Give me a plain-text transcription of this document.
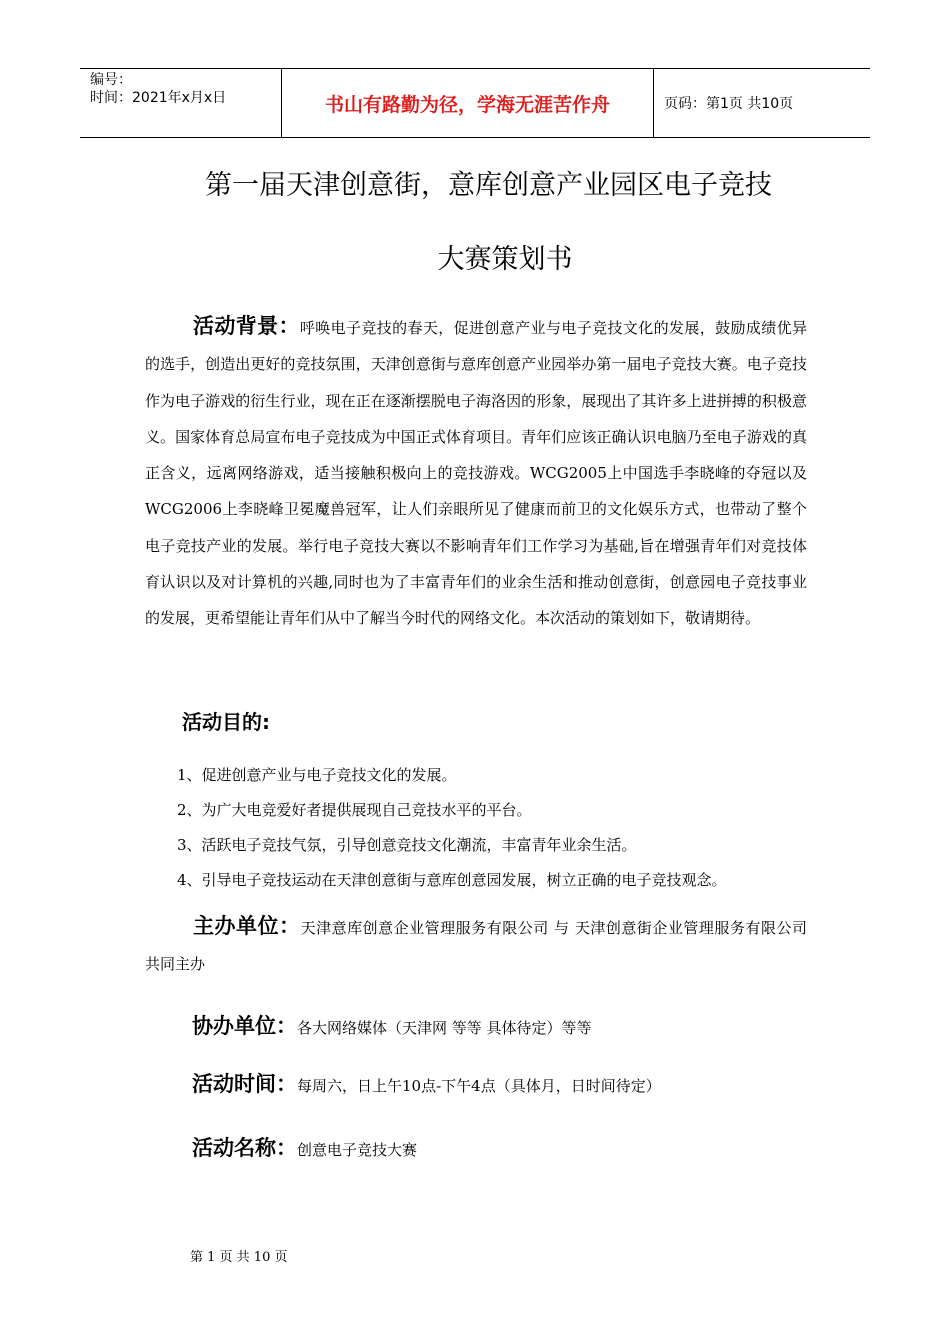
编号：
时间：2021年x月x日	书山有路勤为径，学海无涯苦作舟	页码：第1页 共10页
第一届天津创意街，意库创意产业园区电子竞技
大赛策划书

活动背景：呼唤电子竞技的春天，促进创意产业与电子竞技文化的发展，鼓励成绩优异的选手，创造出更好的竞技氛围，天津创意街与意库创意产业园举办第一届电子竞技大赛。电子竞技作为电子游戏的衍生行业，现在正在逐渐摆脱电子海洛因的形象，展现出了其许多上进拼搏的积极意义。国家体育总局宣布电子竞技成为中国正式体育项目。青年们应该正确认识电脑乃至电子游戏的真正含义，远离网络游戏，适当接触积极向上的竞技游戏。WCG2005上中国选手李晓峰的夺冠以及WCG2006上李晓峰卫冕魔兽冠军，让人们亲眼所见了健康而前卫的文化娱乐方式，也带动了整个电子竞技产业的发展。举行电子竞技大赛以不影响青年们工作学习为基础,旨在增强青年们对竞技体育认识以及对计算机的兴趣,同时也为了丰富青年们的业余生活和推动创意街，创意园电子竞技事业的发展，更希望能让青年们从中了解当今时代的网络文化。本次活动的策划如下，敬请期待。

活动目的:
1、促进创意产业与电子竞技文化的发展。
2、为广大电竞爱好者提供展现自己竞技水平的平台。
3、活跃电子竞技气氛，引导创意竞技文化潮流，丰富青年业余生活。
4、引导电子竞技运动在天津创意街与意库创意园发展，树立正确的电子竞技观念。

主办单位：天津意库创意企业管理服务有限公司 与 天津创意街企业管理服务有限公司 共同主办

协办单位：各大网络媒体（天津网 等等 具体待定）等等

活动时间：每周六，日上午10点-下午4点（具体月，日时间待定）

活动名称：创意电子竞技大赛

第 1 页 共 10 页
